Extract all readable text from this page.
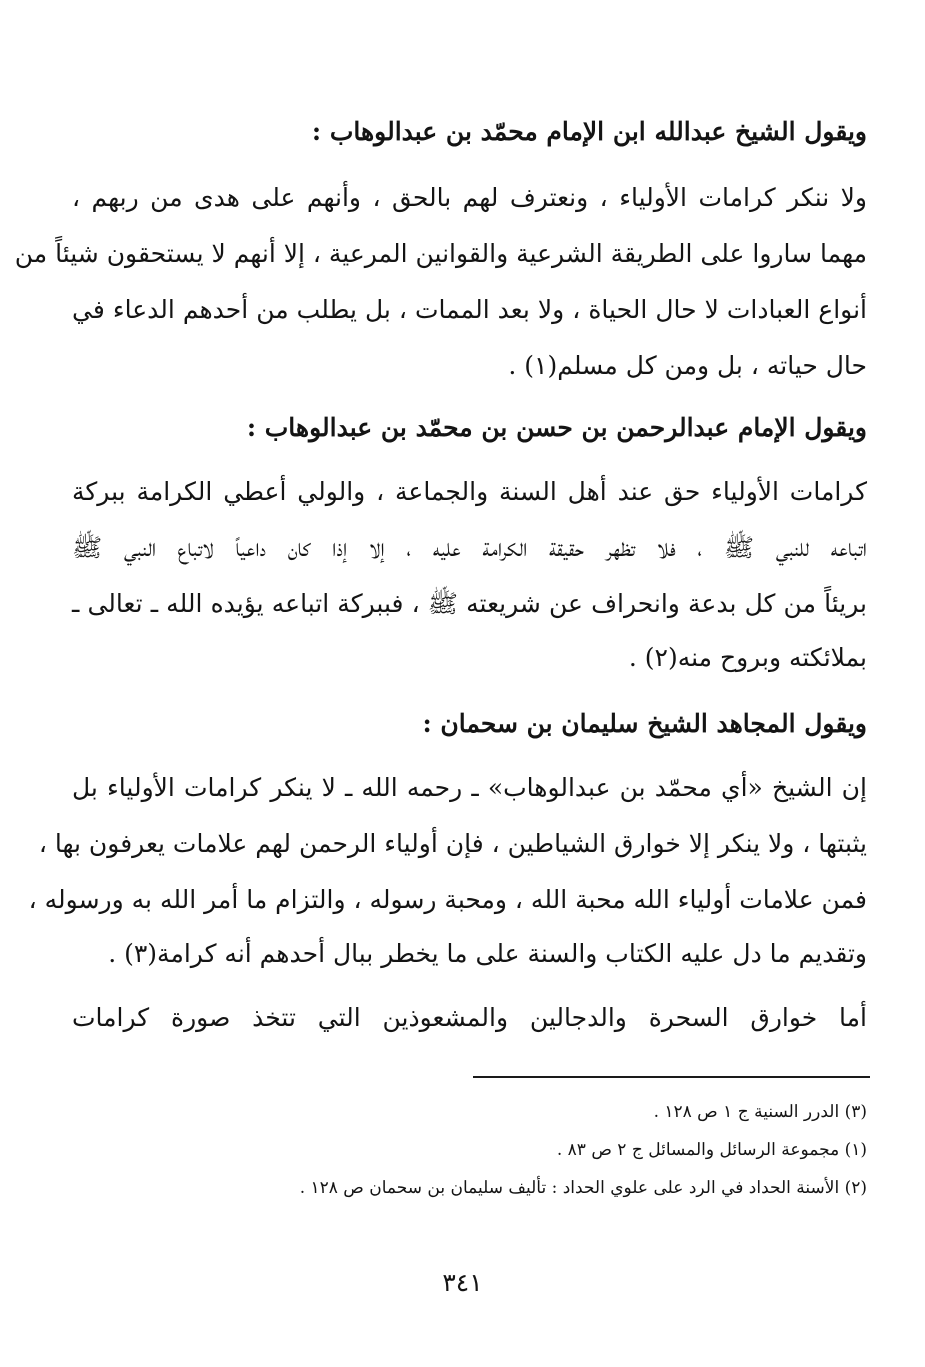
ويقول الشيخ عبدالله ابن الإمام محمّد بن عبدالوهاب :
ولا ننكر كرامات الأولياء ، ونعترف لهم بالحق ، وأنهم على هدى من ربهم ،
مهما ساروا على الطريقة الشرعية والقوانين المرعية ، إلا أنهم لا يستحقون شيئاً من
أنواع العبادات لا حال الحياة ، ولا بعد الممات ، بل يطلب من أحدهم الدعاء في
حال حياته ، بل ومن كل مسلم(١) .
ويقول الإمام عبدالرحمن بن حسن بن محمّد بن عبدالوهاب :
كرامات الأولياء حق عند أهل السنة والجماعة ، والولي أعطي الكرامة ببركة
اتباعه للنبي ﷺ ، فلا تظهر حقيقة الكرامة عليه ، إلا إذا كان داعياً لاتباع النبي ﷺ
بريئاً من كل بدعة وانحراف عن شريعته ﷺ ، فببركة اتباعه يؤيده الله ـ تعالى ـ
بملائكته وبروح منه(٢) .
ويقول المجاهد الشيخ سليمان بن سحمان :
إن الشيخ «أي محمّد بن عبدالوهاب» ـ رحمه الله ـ لا ينكر كرامات الأولياء بل
يثبتها ، ولا ينكر إلا خوارق الشياطين ، فإن أولياء الرحمن لهم علامات يعرفون بها ،
فمن علامات أولياء الله محبة الله ، ومحبة رسوله ، والتزام ما أمر الله به ورسوله ،
وتقديم ما دل عليه الكتاب والسنة على ما يخطر ببال أحدهم أنه كرامة(٣) .
أما خوارق السحرة والدجالين والمشعوذين التي تتخذ صورة كرامات
(٣) الدرر السنية ج ١ ص ١٢٨ .
(١) مجموعة الرسائل والمسائل ج ٢ ص ٨٣ .
(٢) الأسنة الحداد في الرد على علوي الحداد : تأليف سليمان بن سحمان ص ١٢٨ .
٣٤١
